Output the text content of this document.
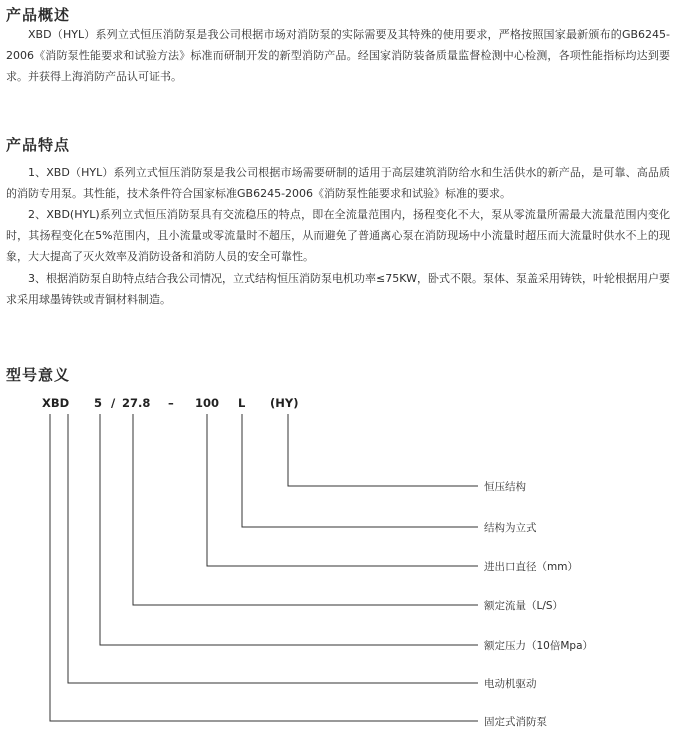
产品概述

XBD（HYL）系列立式恒压消防泵是我公司根据市场对消防泵的实际需要及其特殊的使用要求，严格按照国家最新颁布的GB6245-2006《消防泵性能要求和试验方法》标准而研制开发的新型消防产品。经国家消防装备质量监督检测中心检测，各项性能指标均达到要求。并获得上海消防产品认可证书。

产品特点

1、XBD（HYL）系列立式恒压消防泵是我公司根据市场需要研制的适用于高层建筑消防给水和生活供水的新产品，是可靠、高品质的消防专用泵。其性能，技术条件符合国家标准GB6245-2006《消防泵性能要求和试验》标准的要求。

2、XBD(HYL)系列立式恒压消防泵具有交流稳压的特点，即在全流量范围内，扬程变化不大，泵从零流量所需最大流量范围内变化时，其扬程变化在5%范围内，且小流量或零流量时不超压，从而避免了普通离心泵在消防现场中小流量时超压而大流量时供水不上的现象，大大提高了灭火效率及消防设备和消防人员的安全可靠性。

3、根据消防泵自助特点结合我公司情况，立式结构恒压消防泵电机功率≤75KW，卧式不限。泵体、泵盖采用铸铁，叶轮根据用户要求采用球墨铸铁或青铜材料制造。

型号意义
XBD 5 / 27.8 – 100 L (HY)
恒压结构
结构为立式
进出口直径（mm）
额定流量（L/S）
额定压力（10倍Mpa）
电动机驱动
固定式消防泵
